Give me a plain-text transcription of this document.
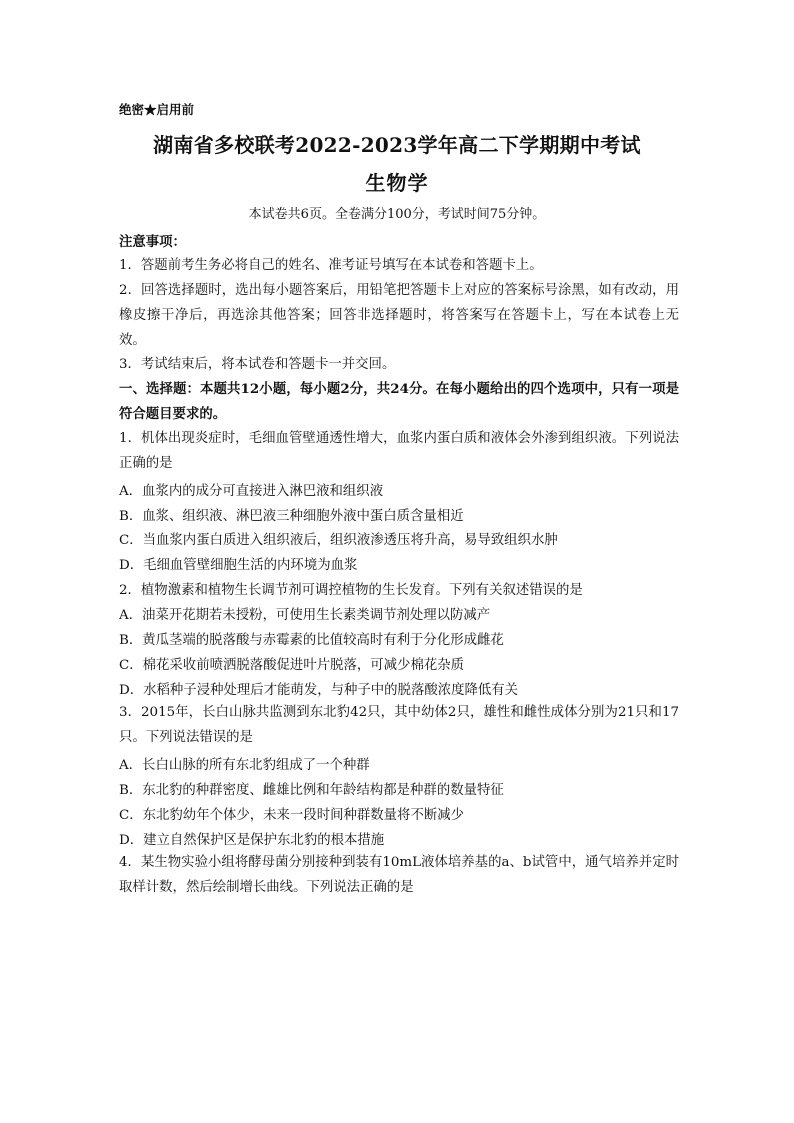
绝密★启用前
湖南省多校联考2022-2023学年高二下学期期中考试
生物学
本试卷共6页。全卷满分100分，考试时间75分钟。
注意事项：
1．答题前考生务必将自己的姓名、准考证号填写在本试卷和答题卡上。
2．回答选择题时，选出每小题答案后，用铅笔把答题卡上对应的答案标号涂黑，如有改动，用橡皮擦干净后，再选涂其他答案；回答非选择题时，将答案写在答题卡上，写在本试卷上无效。
3．考试结束后，将本试卷和答题卡一并交回。
一、选择题：本题共12小题，每小题2分，共24分。在每小题给出的四个选项中，只有一项是符合题目要求的。
1．机体出现炎症时，毛细血管壁通透性增大，血浆内蛋白质和液体会外渗到组织液。下列说法正确的是
A．血浆内的成分可直接进入淋巴液和组织液
B．血浆、组织液、淋巴液三种细胞外液中蛋白质含量相近
C．当血浆内蛋白质进入组织液后，组织液渗透压将升高，易导致组织水肿
D．毛细血管壁细胞生活的内环境为血浆
2．植物激素和植物生长调节剂可调控植物的生长发育。下列有关叙述错误的是
A．油菜开花期若未授粉，可使用生长素类调节剂处理以防减产
B．黄瓜茎端的脱落酸与赤霉素的比值较高时有利于分化形成雌花
C．棉花采收前喷洒脱落酸促进叶片脱落，可减少棉花杂质
D．水稻种子浸种处理后才能萌发，与种子中的脱落酸浓度降低有关
3．2015年，长白山脉共监测到东北豹42只，其中幼体2只，雄性和雌性成体分别为21只和17只。下列说法错误的是
A．长白山脉的所有东北豹组成了一个种群
B．东北豹的种群密度、雌雄比例和年龄结构都是种群的数量特征
C．东北豹幼年个体少，未来一段时间种群数量将不断减少
D．建立自然保护区是保护东北豹的根本措施
4．某生物实验小组将酵母菌分别接种到装有10mL液体培养基的a、b试管中，通气培养并定时取样计数，然后绘制增长曲线。下列说法正确的是
